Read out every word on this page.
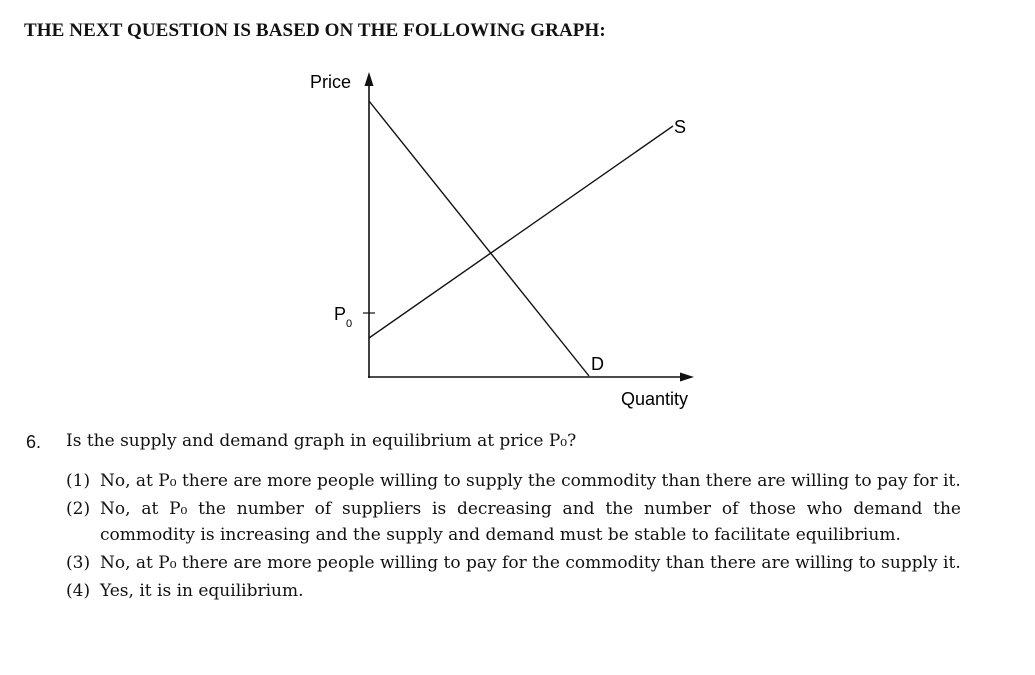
THE NEXT QUESTION IS BASED ON THE FOLLOWING GRAPH:
Price
Quantity
S
D
P 0
6. Is the supply and demand graph in equilibrium at price P₀?
(1) No, at P₀ there are more people willing to supply the commodity than there are willing to pay for it.
(2) No, at P₀ the number of suppliers is decreasing and the number of those who demand the commodity is increasing and the supply and demand must be stable to facilitate equilibrium.
(3) No, at P₀ there are more people willing to pay for the commodity than there are willing to supply it.
(4) Yes, it is in equilibrium.
